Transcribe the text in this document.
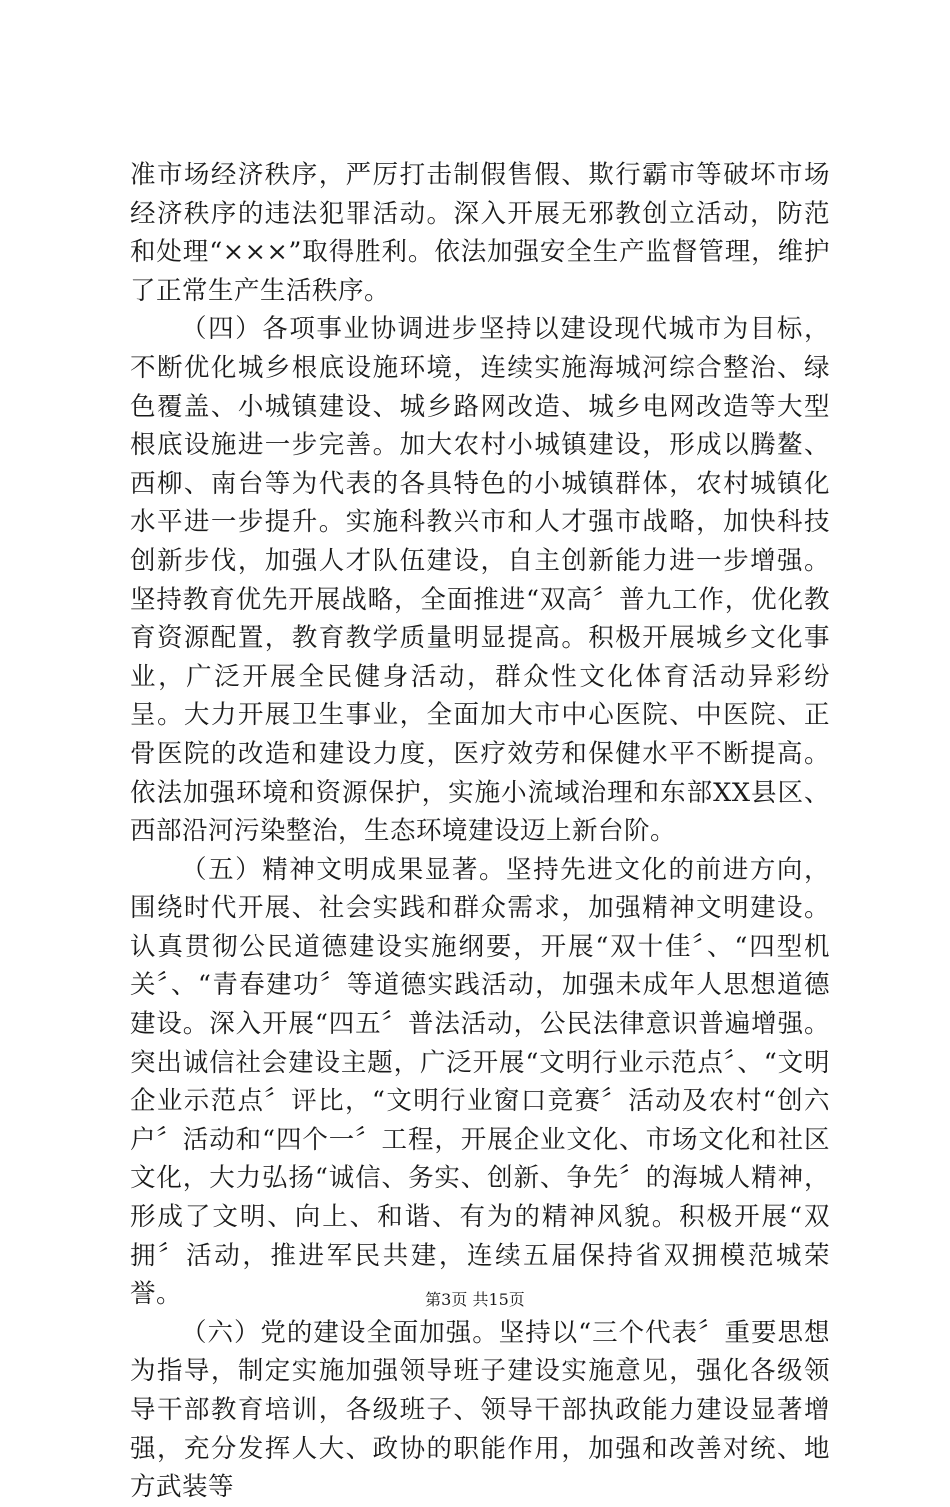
准市场经济秩序，严厉打击制假售假、欺行霸市等破坏市场经济秩序的违法犯罪活动。深入开展无邪教创立活动，防范和处理“×××”取得胜利。依法加强安全生产监督管理，维护了正常生产生活秩序。

（四）各项事业协调进步坚持以建设现代城市为目标，不断优化城乡根底设施环境，连续实施海城河综合整治、绿色覆盖、小城镇建设、城乡路网改造、城乡电网改造等大型根底设施进一步完善。加大农村小城镇建设，形成以腾鳌、西柳、南台等为代表的各具特色的小城镇群体，农村城镇化水平进一步提升。实施科教兴市和人才强市战略，加快科技创新步伐，加强人才队伍建设，自主创新能力进一步增强。坚持教育优先开展战略，全面推进“双高〞普九工作，优化教育资源配置，教育教学质量明显提高。积极开展城乡文化事业，广泛开展全民健身活动，群众性文化体育活动异彩纷呈。大力开展卫生事业，全面加大市中心医院、中医院、正骨医院的改造和建设力度，医疗效劳和保健水平不断提高。依法加强环境和资源保护，实施小流域治理和东部XX县区、西部沿河污染整治，生态环境建设迈上新台阶。

（五）精神文明成果显著。坚持先进文化的前进方向，围绕时代开展、社会实践和群众需求，加强精神文明建设。认真贯彻公民道德建设实施纲要，开展“双十佳〞、“四型机关〞、“青春建功〞等道德实践活动，加强未成年人思想道德建设。深入开展“四五〞普法活动，公民法律意识普遍增强。突出诚信社会建设主题，广泛开展“文明行业示范点〞、“文明企业示范点〞评比，“文明行业窗口竞赛〞活动及农村“创六户〞活动和“四个一〞工程，开展企业文化、市场文化和社区文化，大力弘扬“诚信、务实、创新、争先〞的海城人精神，形成了文明、向上、和谐、有为的精神风貌。积极开展“双拥〞活动，推进军民共建，连续五届保持省双拥模范城荣誉。

（六）党的建设全面加强。坚持以“三个代表〞重要思想为指导，制定实施加强领导班子建设实施意见，强化各级领导干部教育培训，各级班子、领导干部执政能力建设显著增强，充分发挥人大、政协的职能作用，加强和改善对统、地方武装等

第3页 共15页
